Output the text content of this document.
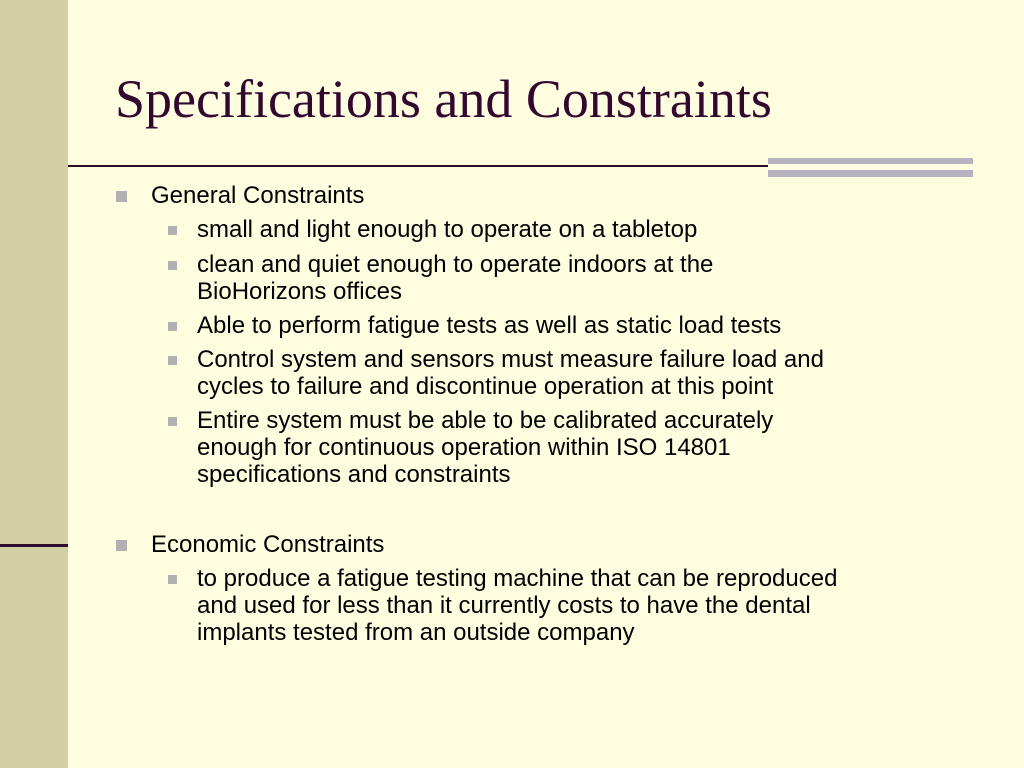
Specifications and Constraints
General Constraints
small and light enough to operate on a tabletop
clean and quiet enough to operate indoors at the
BioHorizons offices
Able to perform fatigue tests as well as static load tests
Control system and sensors must measure failure load and
cycles to failure and discontinue operation at this point
Entire system must be able to be calibrated accurately
enough for continuous operation within ISO 14801
specifications and constraints
Economic Constraints
to produce a fatigue testing machine that can be reproduced
and used for less than it currently costs to have the dental
implants tested from an outside company
